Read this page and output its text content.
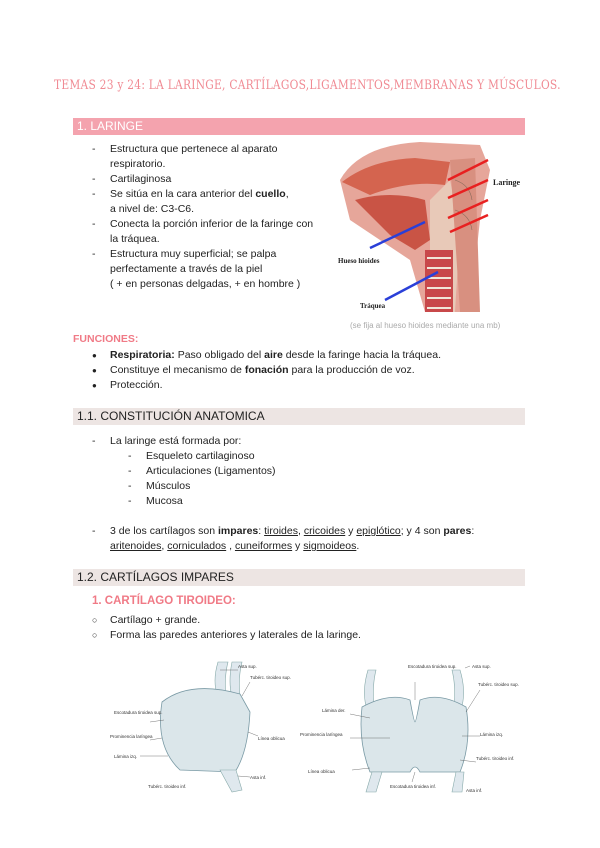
TEMAS 23 y 24: LA LARINGE, CARTÍLAGOS,LIGAMENTOS,MEMBRANAS Y MÚSCULOS.
1. LARINGE
- Estructura que pertenece al aparato
respiratorio.
- Cartilaginosa
- Se sitúa en la cara anterior del cuello,
a nivel de: C3-C6.
- Conecta la porción inferior de la faringe con
la tráquea.
- Estructura muy superficial; se palpa
perfectamente a través de la piel
( + en personas delgadas, + en hombre )
Laringe
Hueso hioides
Tráquea
(se fija al hueso hioides mediante una mb)
FUNCIONES:
● Respiratoria: Paso obligado del aire desde la faringe hacia la tráquea.
● Constituye el mecanismo de fonación para la producción de voz.
● Protección.
1.1. CONSTITUCIÓN ANATOMICA
- La laringe está formada por:
- Esqueleto cartilaginoso
- Articulaciones (Ligamentos)
- Músculos
- Mucosa
- 3 de los cartílagos son impares: tiroides, cricoides y epiglótico; y 4 son pares:
aritenoides, corniculados , cuneiformes y sigmoideos.
1.2. CARTÍLAGOS IMPARES
1. CARTÍLAGO TIROIDEO:
○ Cartílago + grande.
○ Forma las paredes anteriores y laterales de la laringe.
Asta sup.
Tubérc. tiroideo sup.
Escotadura tiroidea sup.
Prominencia laríngea
Lámina izq.
Línea oblicua
Asta inf.
Tubérc. tiroideo inf.
Escotadura tiroidea sup.	Asta sup.
Lámina der.
Tubérc. tiroideo sup.
Prominencia laríngea	Lámina izq.
Línea oblicua
Tubérc. tiroideo inf.
Escotadura tiroidea inf.
Asta inf.
